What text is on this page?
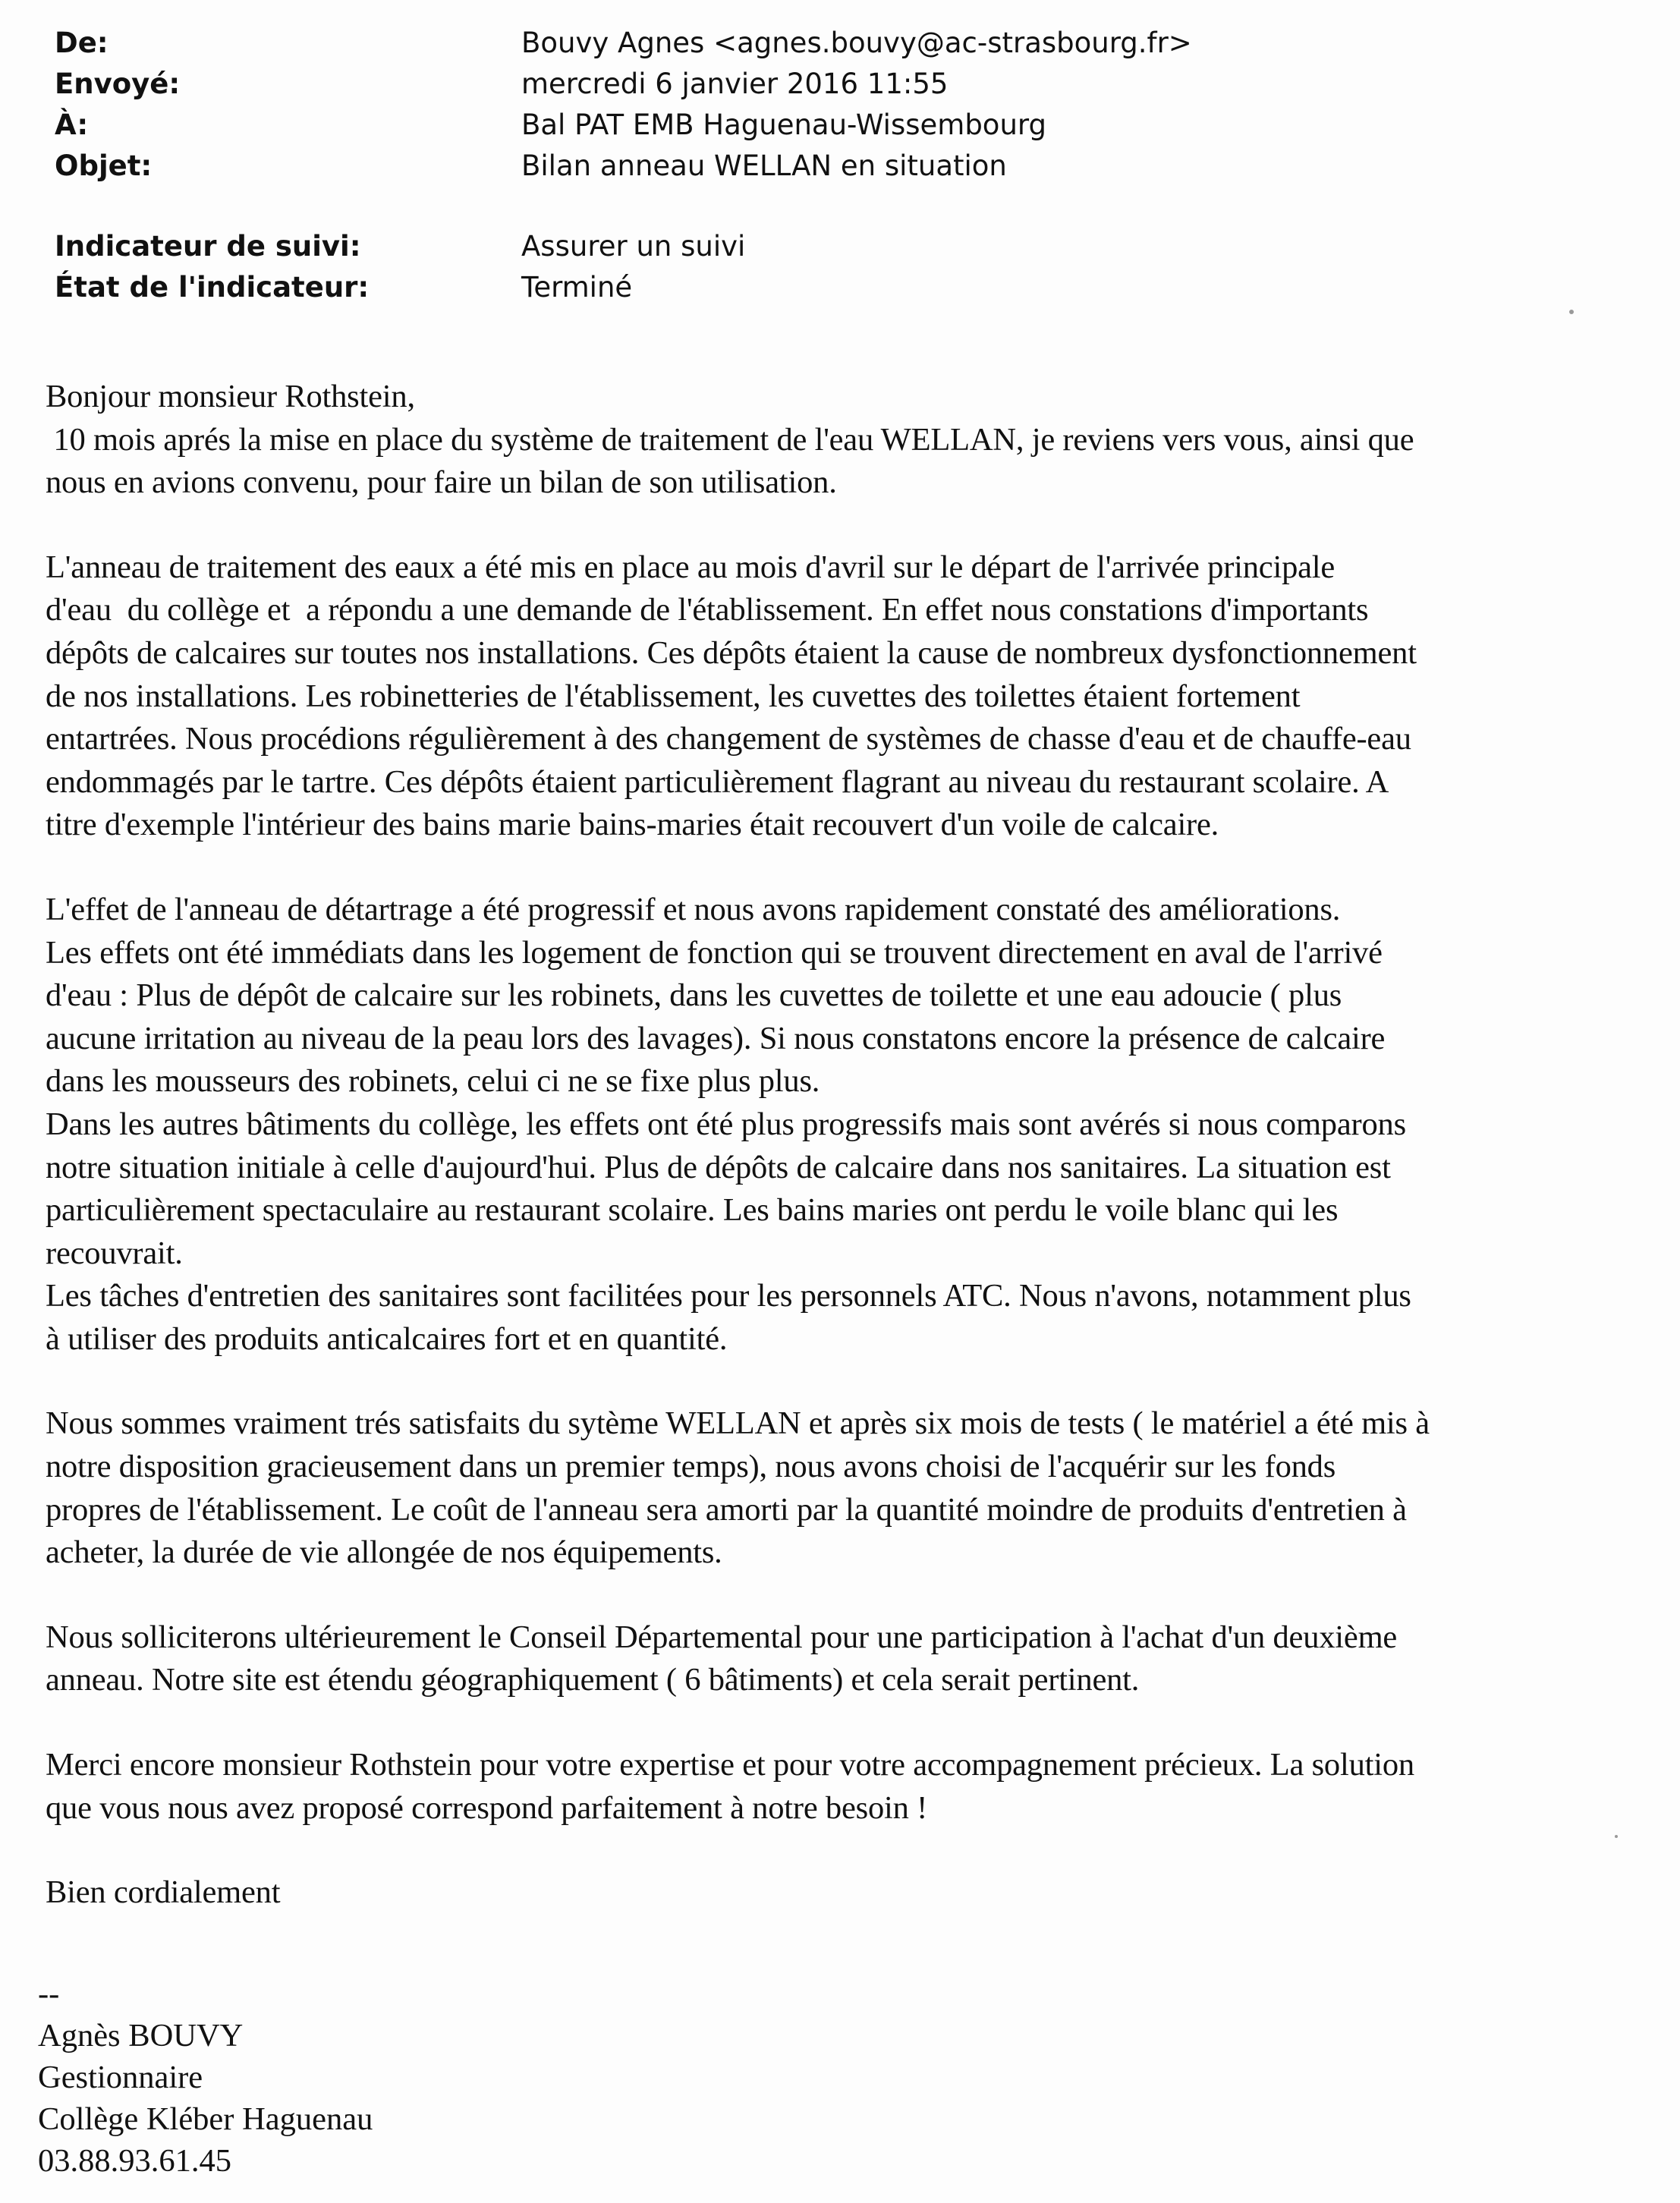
De:	Bouvy Agnes <agnes.bouvy@ac-strasbourg.fr>
Envoyé:	mercredi 6 janvier 2016 11:55
À:	Bal PAT EMB Haguenau-Wissembourg
Objet:	Bilan anneau WELLAN en situation
Indicateur de suivi:	Assurer un suivi
État de l'indicateur:	Terminé
Bonjour monsieur Rothstein,
10 mois aprés la mise en place du système de traitement de l'eau WELLAN, je reviens vers vous, ainsi que
nous en avions convenu, pour faire un bilan de son utilisation.
L'anneau de traitement des eaux a été mis en place au mois d'avril sur le départ de l'arrivée principale
d'eau  du collège et  a répondu a une demande de l'établissement. En effet nous constations d'importants
dépôts de calcaires sur toutes nos installations. Ces dépôts étaient la cause de nombreux dysfonctionnement
de nos installations. Les robinetteries de l'établissement, les cuvettes des toilettes étaient fortement
entartrées. Nous procédions régulièrement à des changement de systèmes de chasse d'eau et de chauffe-eau
endommagés par le tartre. Ces dépôts étaient particulièrement flagrant au niveau du restaurant scolaire. A
titre d'exemple l'intérieur des bains marie bains-maries était recouvert d'un voile de calcaire.
L'effet de l'anneau de détartrage a été progressif et nous avons rapidement constaté des améliorations.
Les effets ont été immédiats dans les logement de fonction qui se trouvent directement en aval de l'arrivé
d'eau : Plus de dépôt de calcaire sur les robinets, dans les cuvettes de toilette et une eau adoucie ( plus
aucune irritation au niveau de la peau lors des lavages). Si nous constatons encore la présence de calcaire
dans les mousseurs des robinets, celui ci ne se fixe plus plus.
Dans les autres bâtiments du collège, les effets ont été plus progressifs mais sont avérés si nous comparons
notre situation initiale à celle d'aujourd'hui. Plus de dépôts de calcaire dans nos sanitaires. La situation est
particulièrement spectaculaire au restaurant scolaire. Les bains maries ont perdu le voile blanc qui les
recouvrait.
Les tâches d'entretien des sanitaires sont facilitées pour les personnels ATC. Nous n'avons, notamment plus
à utiliser des produits anticalcaires fort et en quantité.
Nous sommes vraiment trés satisfaits du sytème WELLAN et après six mois de tests ( le matériel a été mis à
notre disposition gracieusement dans un premier temps), nous avons choisi de l'acquérir sur les fonds
propres de l'établissement. Le coût de l'anneau sera amorti par la quantité moindre de produits d'entretien à
acheter, la durée de vie allongée de nos équipements.
Nous solliciterons ultérieurement le Conseil Départemental pour une participation à l'achat d'un deuxième
anneau. Notre site est étendu géographiquement ( 6 bâtiments) et cela serait pertinent.
Merci encore monsieur Rothstein pour votre expertise et pour votre accompagnement précieux. La solution
que vous nous avez proposé correspond parfaitement à notre besoin !

Bien cordialement

--
Agnès BOUVY
Gestionnaire
Collège Kléber Haguenau
03.88.93.61.45
